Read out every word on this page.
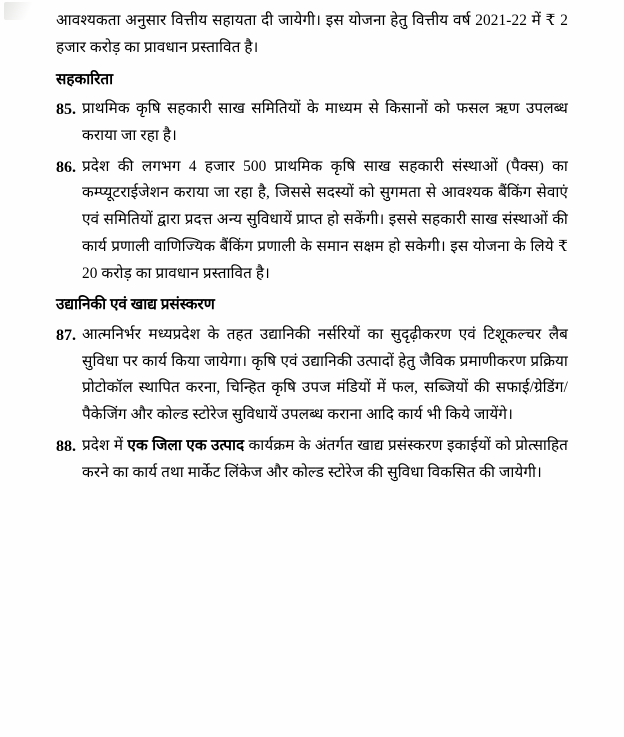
आवश्यकता अनुसार वित्तीय सहायता दी जायेगी। इस योजना हेतु वित्तीय वर्ष 2021-22 में ₹ 2 हजार करोड़ का प्रावधान प्रस्तावित है।

सहकारिता
85. प्राथमिक कृषि सहकारी साख समितियों के माध्यम से किसानों को फसल ऋण उपलब्ध कराया जा रहा है।
86. प्रदेश की लगभग 4 हजार 500 प्राथमिक कृषि साख सहकारी संस्थाओं (पैक्स) का कम्प्यूटराईजेशन कराया जा रहा है, जिससे सदस्यों को सुगमता से आवश्यक बैंकिंग सेवाएं एवं समितियों द्वारा प्रदत्त अन्य सुविधायें प्राप्त हो सकेंगी। इससे सहकारी साख संस्थाओं की कार्य प्रणाली वाणिज्यिक बैंकिंग प्रणाली के समान सक्षम हो सकेगी। इस योजना के लिये ₹ 20 करोड़ का प्रावधान प्रस्तावित है।
उद्यानिकी एवं खाद्य प्रसंस्करण
87. आत्मनिर्भर मध्यप्रदेश के तहत उद्यानिकी नर्सरियों का सुदृढ़ीकरण एवं टिशूकल्चर लैब सुविधा पर कार्य किया जायेगा। कृषि एवं उद्यानिकी उत्पादों हेतु जैविक प्रमाणीकरण प्रक्रिया प्रोटोकॉल स्थापित करना, चिन्हित कृषि उपज मंडियों में फल, सब्जियों की सफाई/ग्रेडिंग/पैकेजिंग और कोल्ड स्टोरेज सुविधायें उपलब्ध कराना आदि कार्य भी किये जायेंगे।
88. प्रदेश में एक जिला एक उत्पाद कार्यक्रम के अंतर्गत खाद्य प्रसंस्करण इकाईयों को प्रोत्साहित करने का कार्य तथा मार्केट लिंकेज और कोल्ड स्टोरेज की सुविधा विकसित की जायेगी।
